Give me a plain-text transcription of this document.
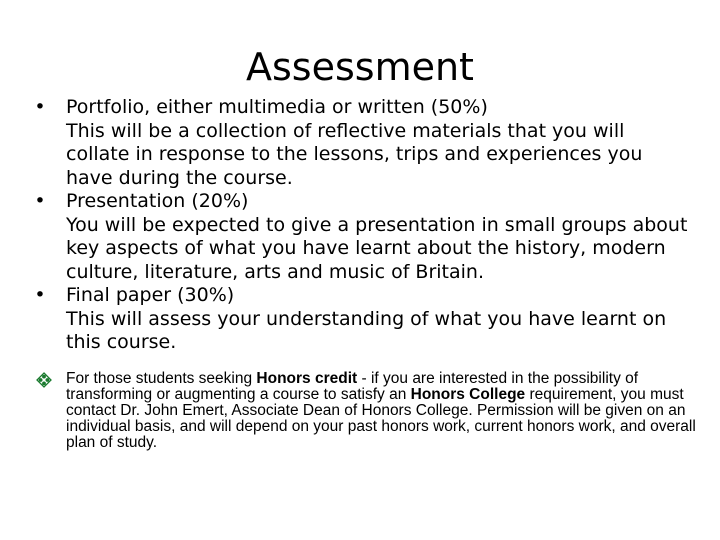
Assessment
• Portfolio, either multimedia or written (50%)
This will be a collection of reflective materials that you will collate in response to the lessons, trips and experiences you have during the course.
• Presentation (20%)
You will be expected to give a presentation in small groups about key aspects of what you have learnt about the history, modern culture, literature, arts and music of Britain.
• Final paper (30%)
This will assess your understanding of what you have learnt on this course.
For those students seeking Honors credit - if you are interested in the possibility of transforming or augmenting a course to satisfy an Honors College requirement, you must contact Dr. John Emert, Associate Dean of Honors College. Permission will be given on an individual basis, and will depend on your past honors work, current honors work, and overall plan of study.
